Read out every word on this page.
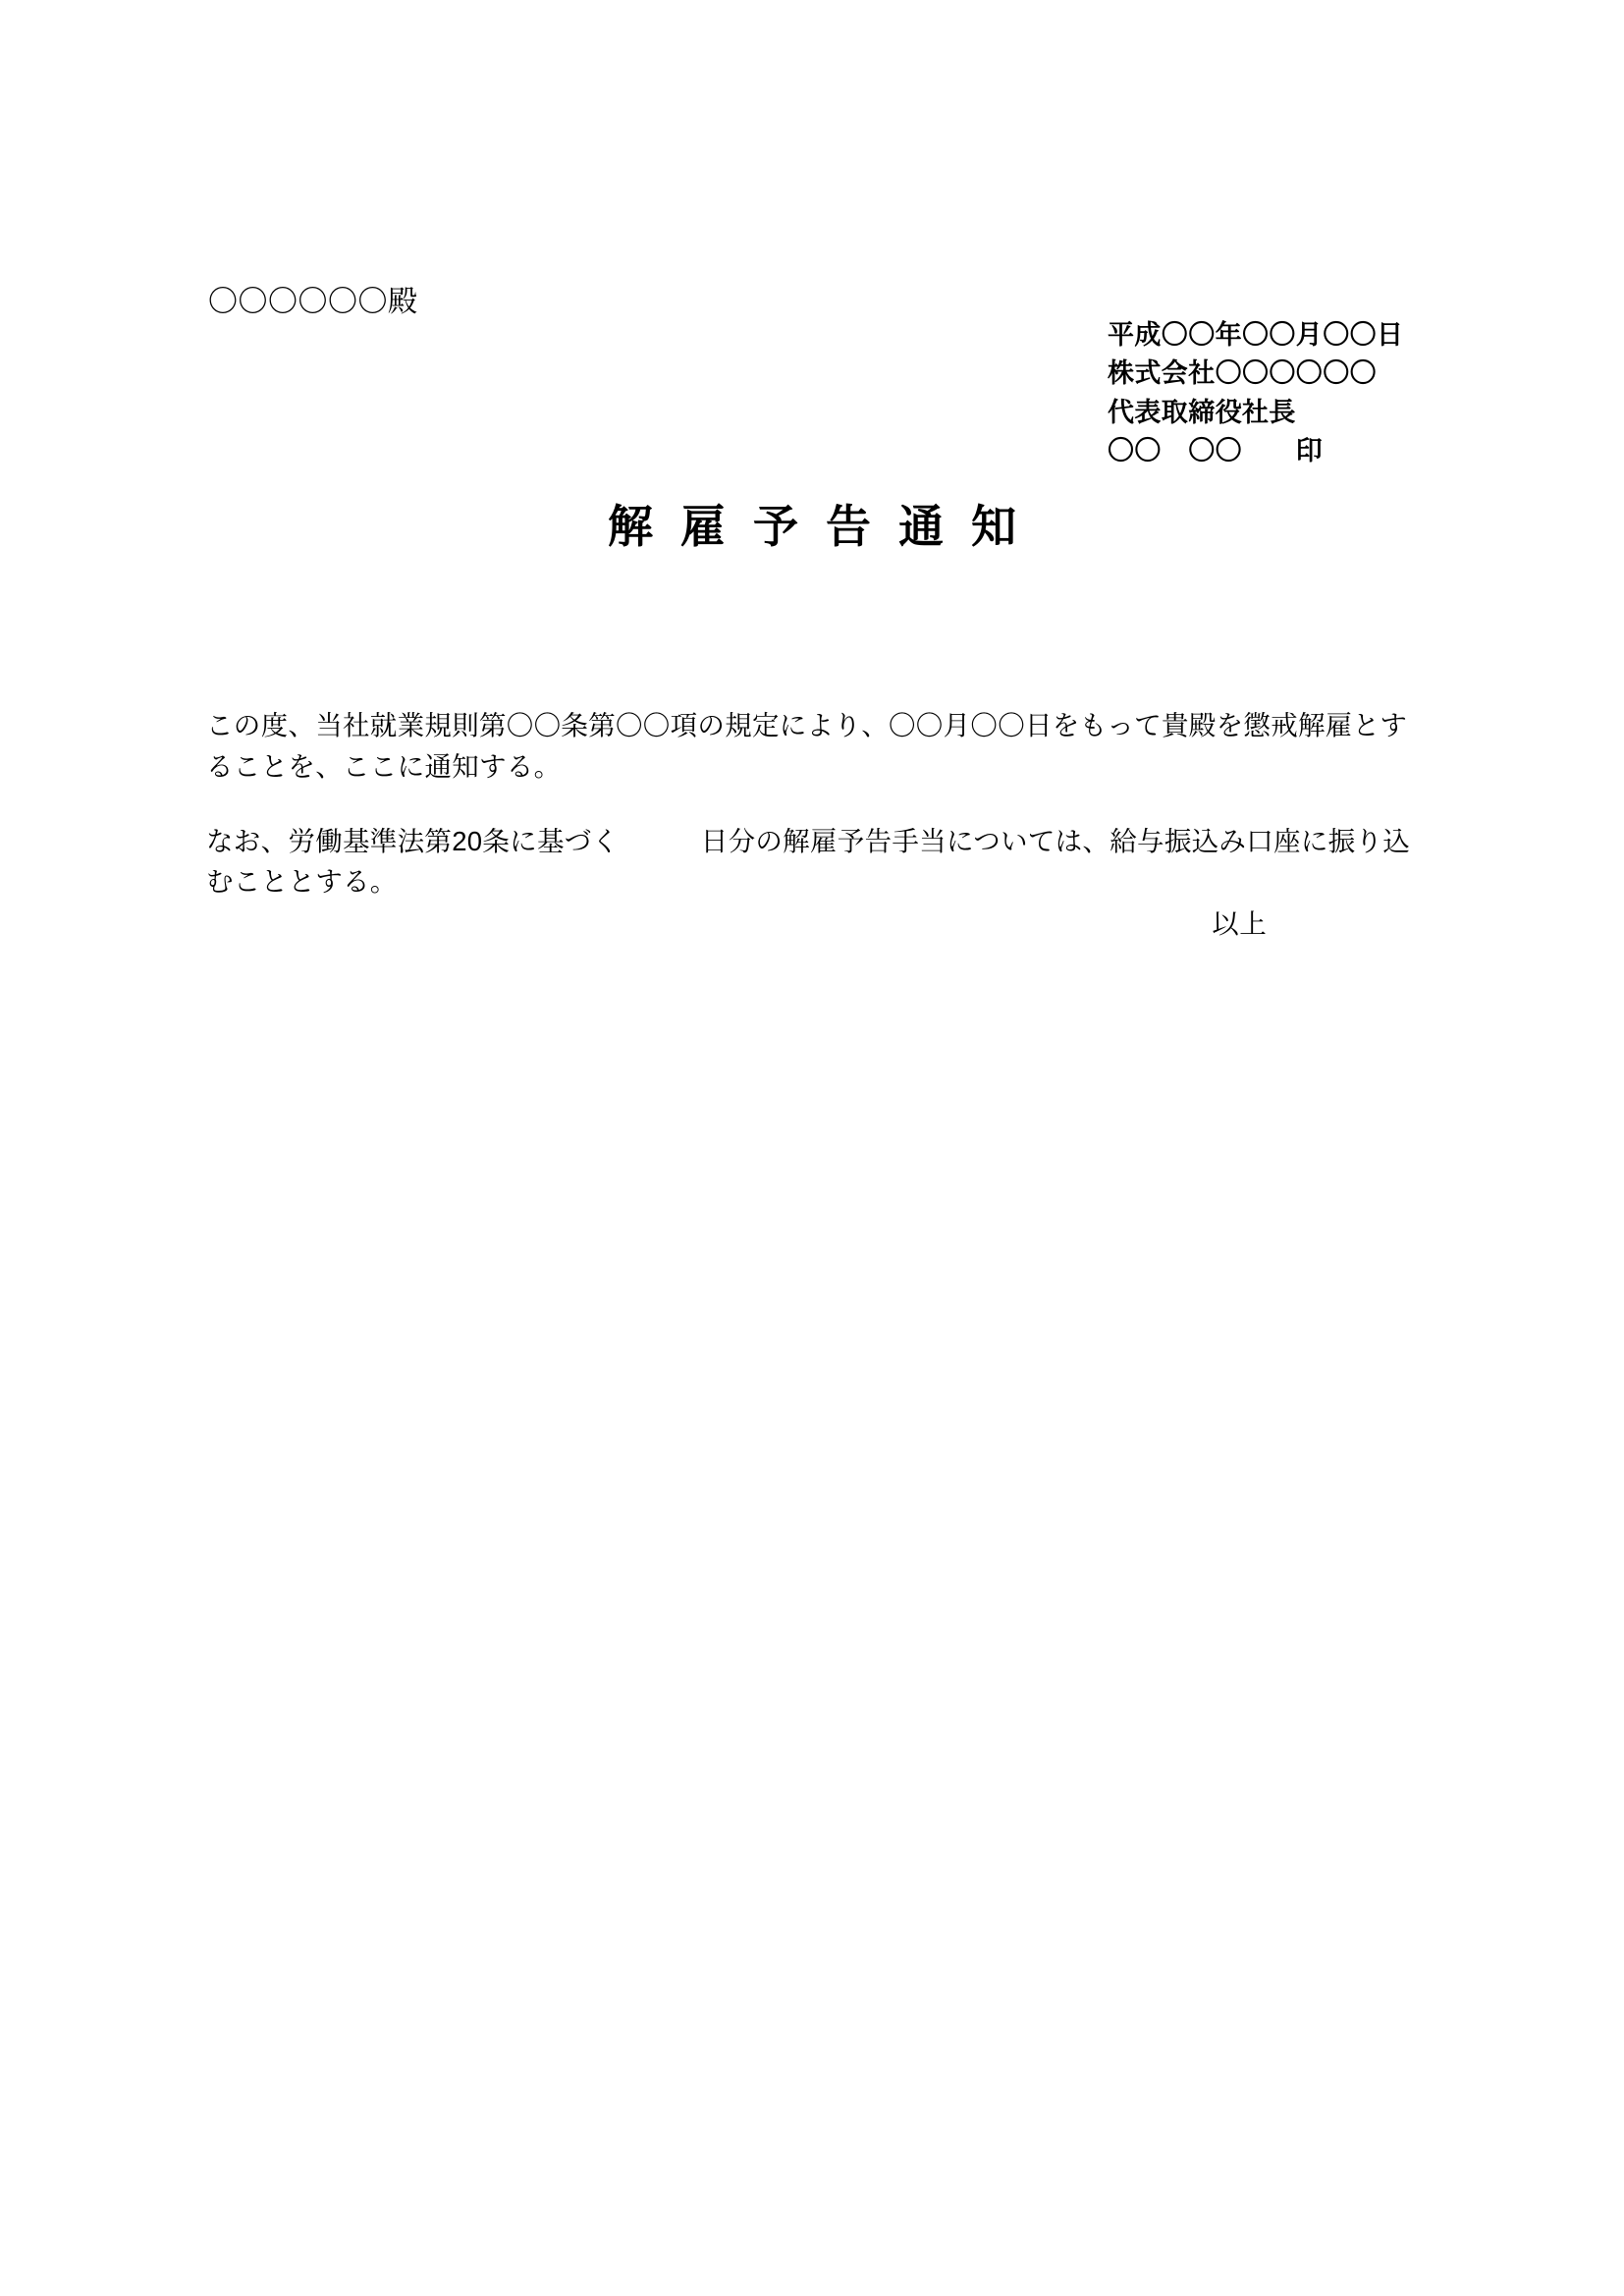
〇〇〇〇〇〇殿
平成〇〇年〇〇月〇〇日
株式会社〇〇〇〇〇〇
代表取締役社長
〇〇　〇〇　　印
解雇予告通知

この度、当社就業規則第〇〇条第〇〇項の規定により、〇〇月〇〇日をもって貴殿を懲戒解雇とすることを、ここに通知する。

なお、労働基準法第20条に基づく　　　日分の解雇予告手当については、給与振込み口座に振り込むこととする。

以上
